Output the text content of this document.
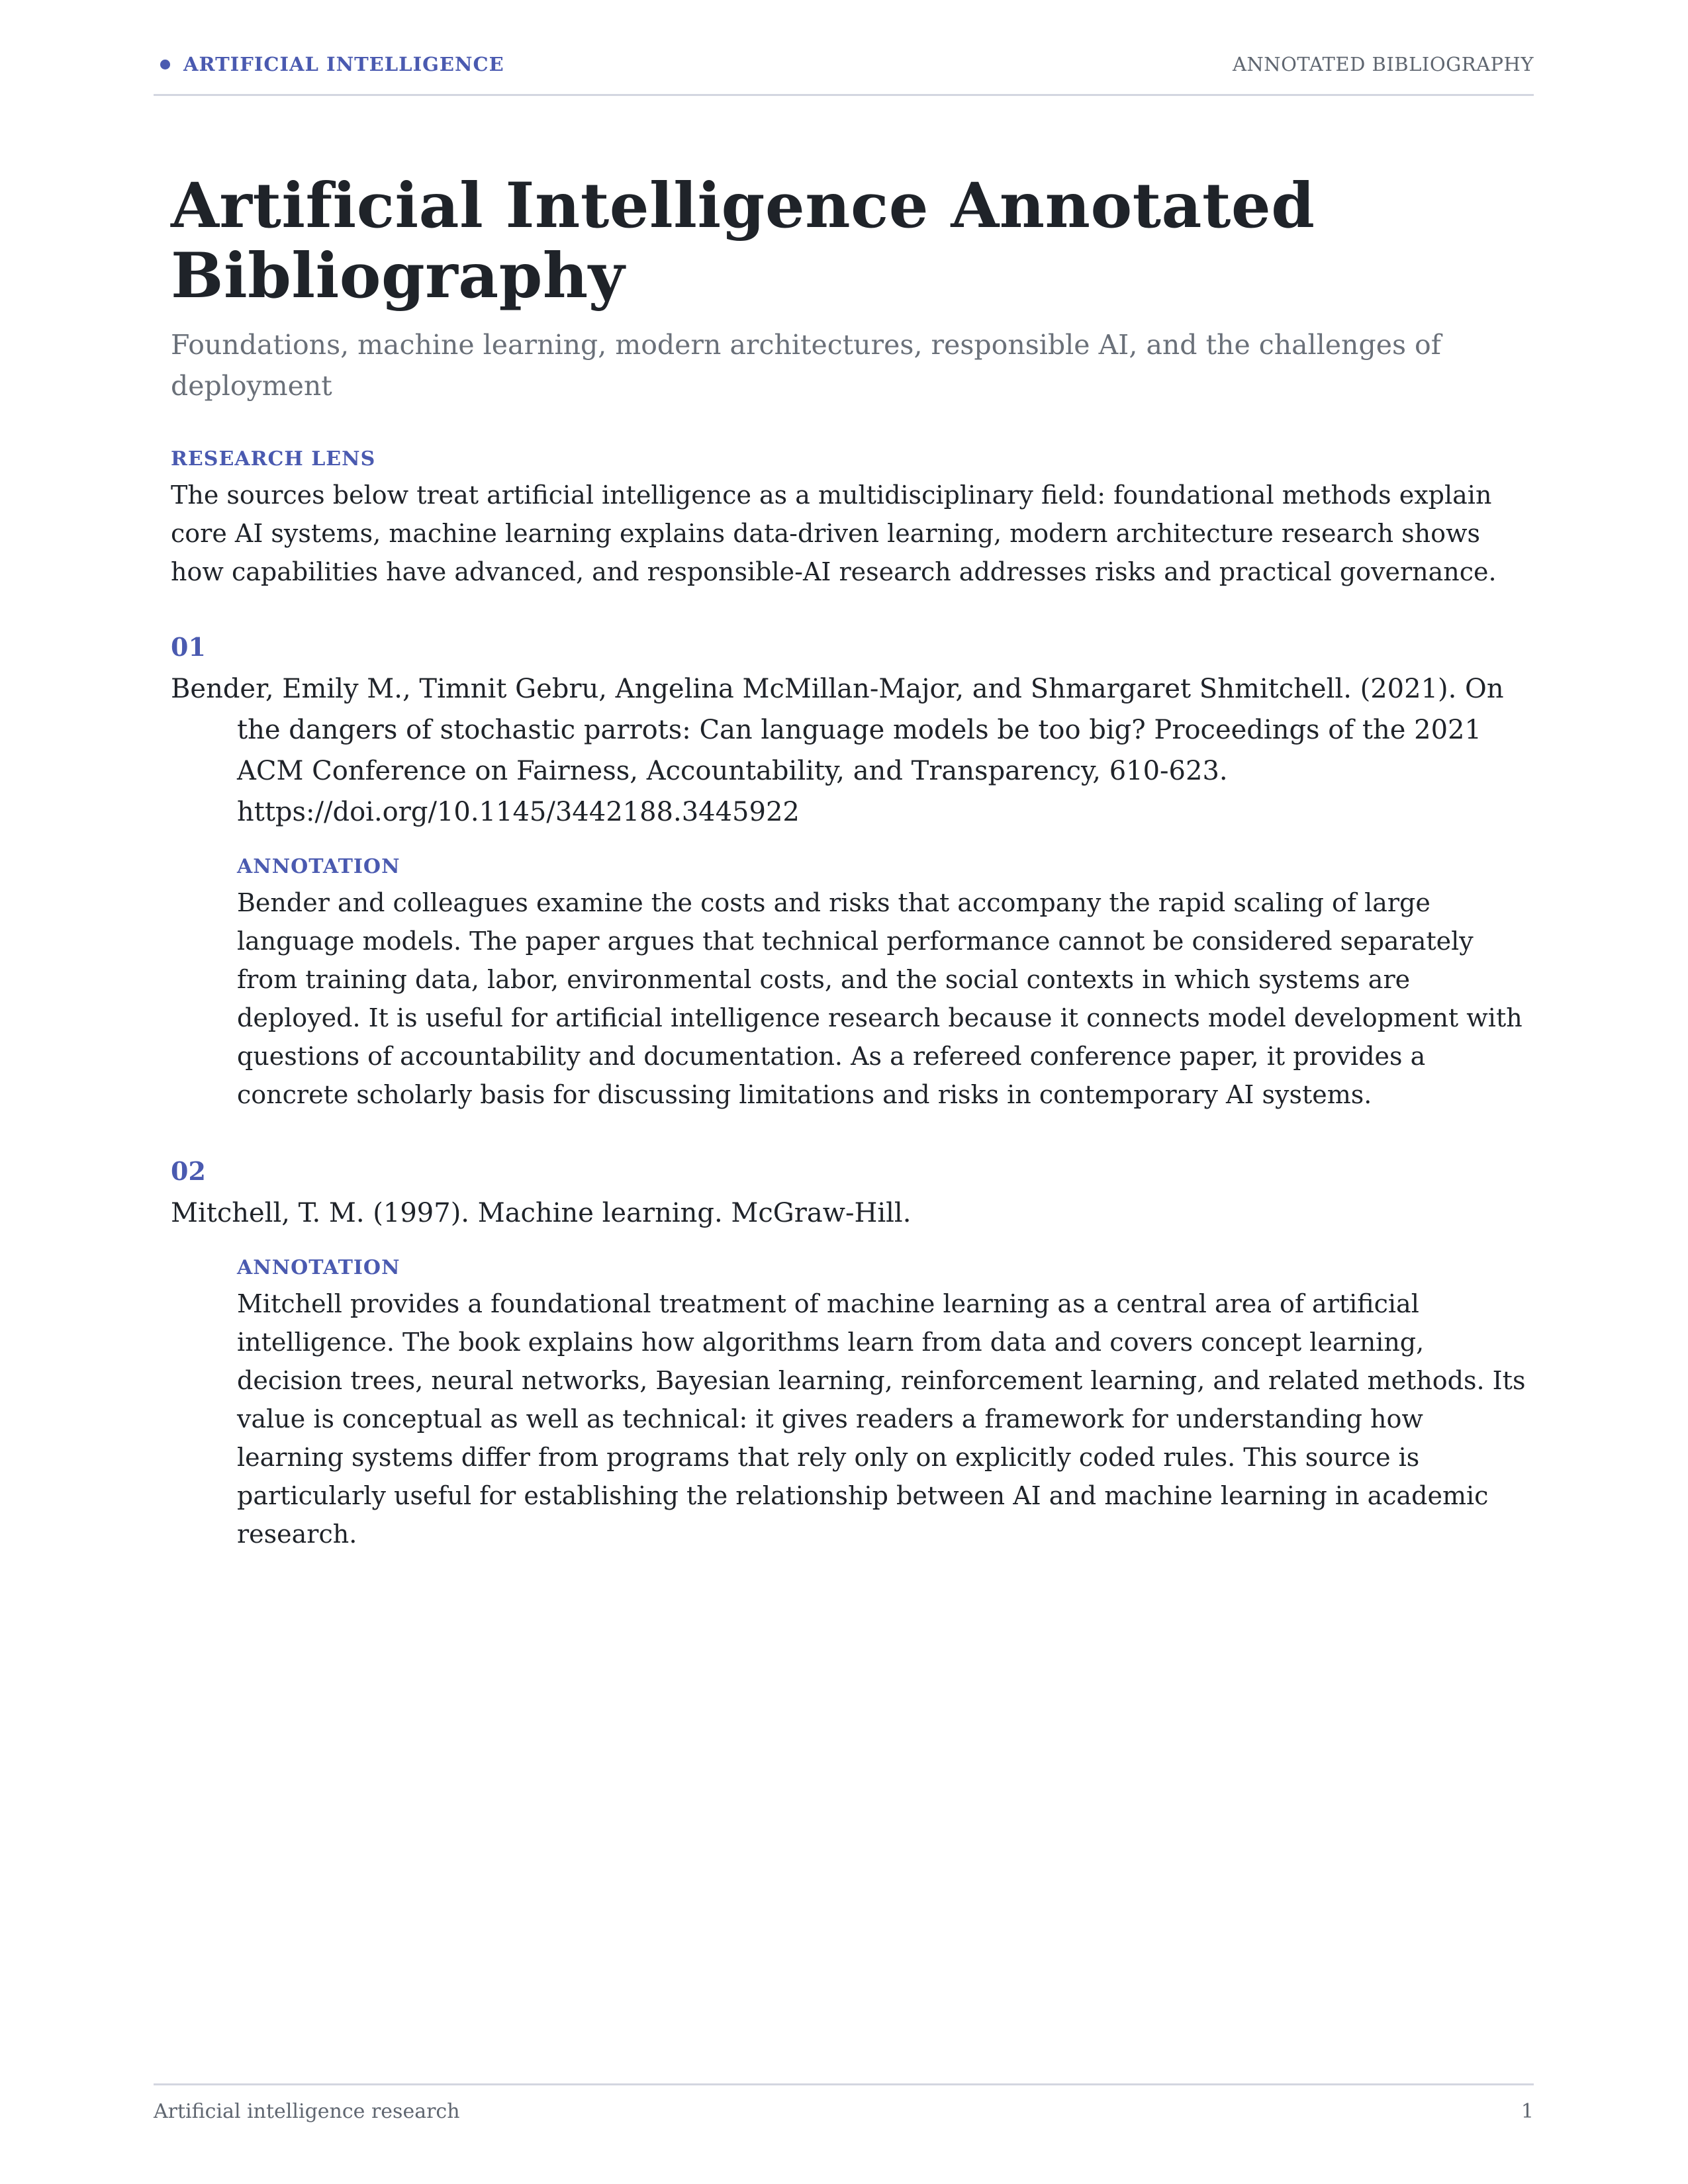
ARTIFICIAL INTELLIGENCE	ANNOTATED BIBLIOGRAPHY
Artificial Intelligence Annotated Bibliography

Foundations, machine learning, modern architectures, responsible AI, and the challenges of deployment

RESEARCH LENS

The sources below treat artificial intelligence as a multidisciplinary field: foundational methods explain core AI systems, machine learning explains data-driven learning, modern architecture research shows how capabilities have advanced, and responsible-AI research addresses risks and practical governance.

01

Bender, Emily M., Timnit Gebru, Angelina McMillan-Major, and Shmargaret Shmitchell. (2021). On the dangers of stochastic parrots: Can language models be too big? Proceedings of the 2021 ACM Conference on Fairness, Accountability, and Transparency, 610-623. https://doi.org/10.1145/3442188.3445922

ANNOTATION

Bender and colleagues examine the costs and risks that accompany the rapid scaling of large language models. The paper argues that technical performance cannot be considered separately from training data, labor, environmental costs, and the social contexts in which systems are deployed. It is useful for artificial intelligence research because it connects model development with questions of accountability and documentation. As a refereed conference paper, it provides a concrete scholarly basis for discussing limitations and risks in contemporary AI systems.

02

Mitchell, T. M. (1997). Machine learning. McGraw-Hill.

ANNOTATION

Mitchell provides a foundational treatment of machine learning as a central area of artificial intelligence. The book explains how algorithms learn from data and covers concept learning, decision trees, neural networks, Bayesian learning, reinforcement learning, and related methods. Its value is conceptual as well as technical: it gives readers a framework for understanding how learning systems differ from programs that rely only on explicitly coded rules. This source is particularly useful for establishing the relationship between AI and machine learning in academic research.

Artificial intelligence research	1
